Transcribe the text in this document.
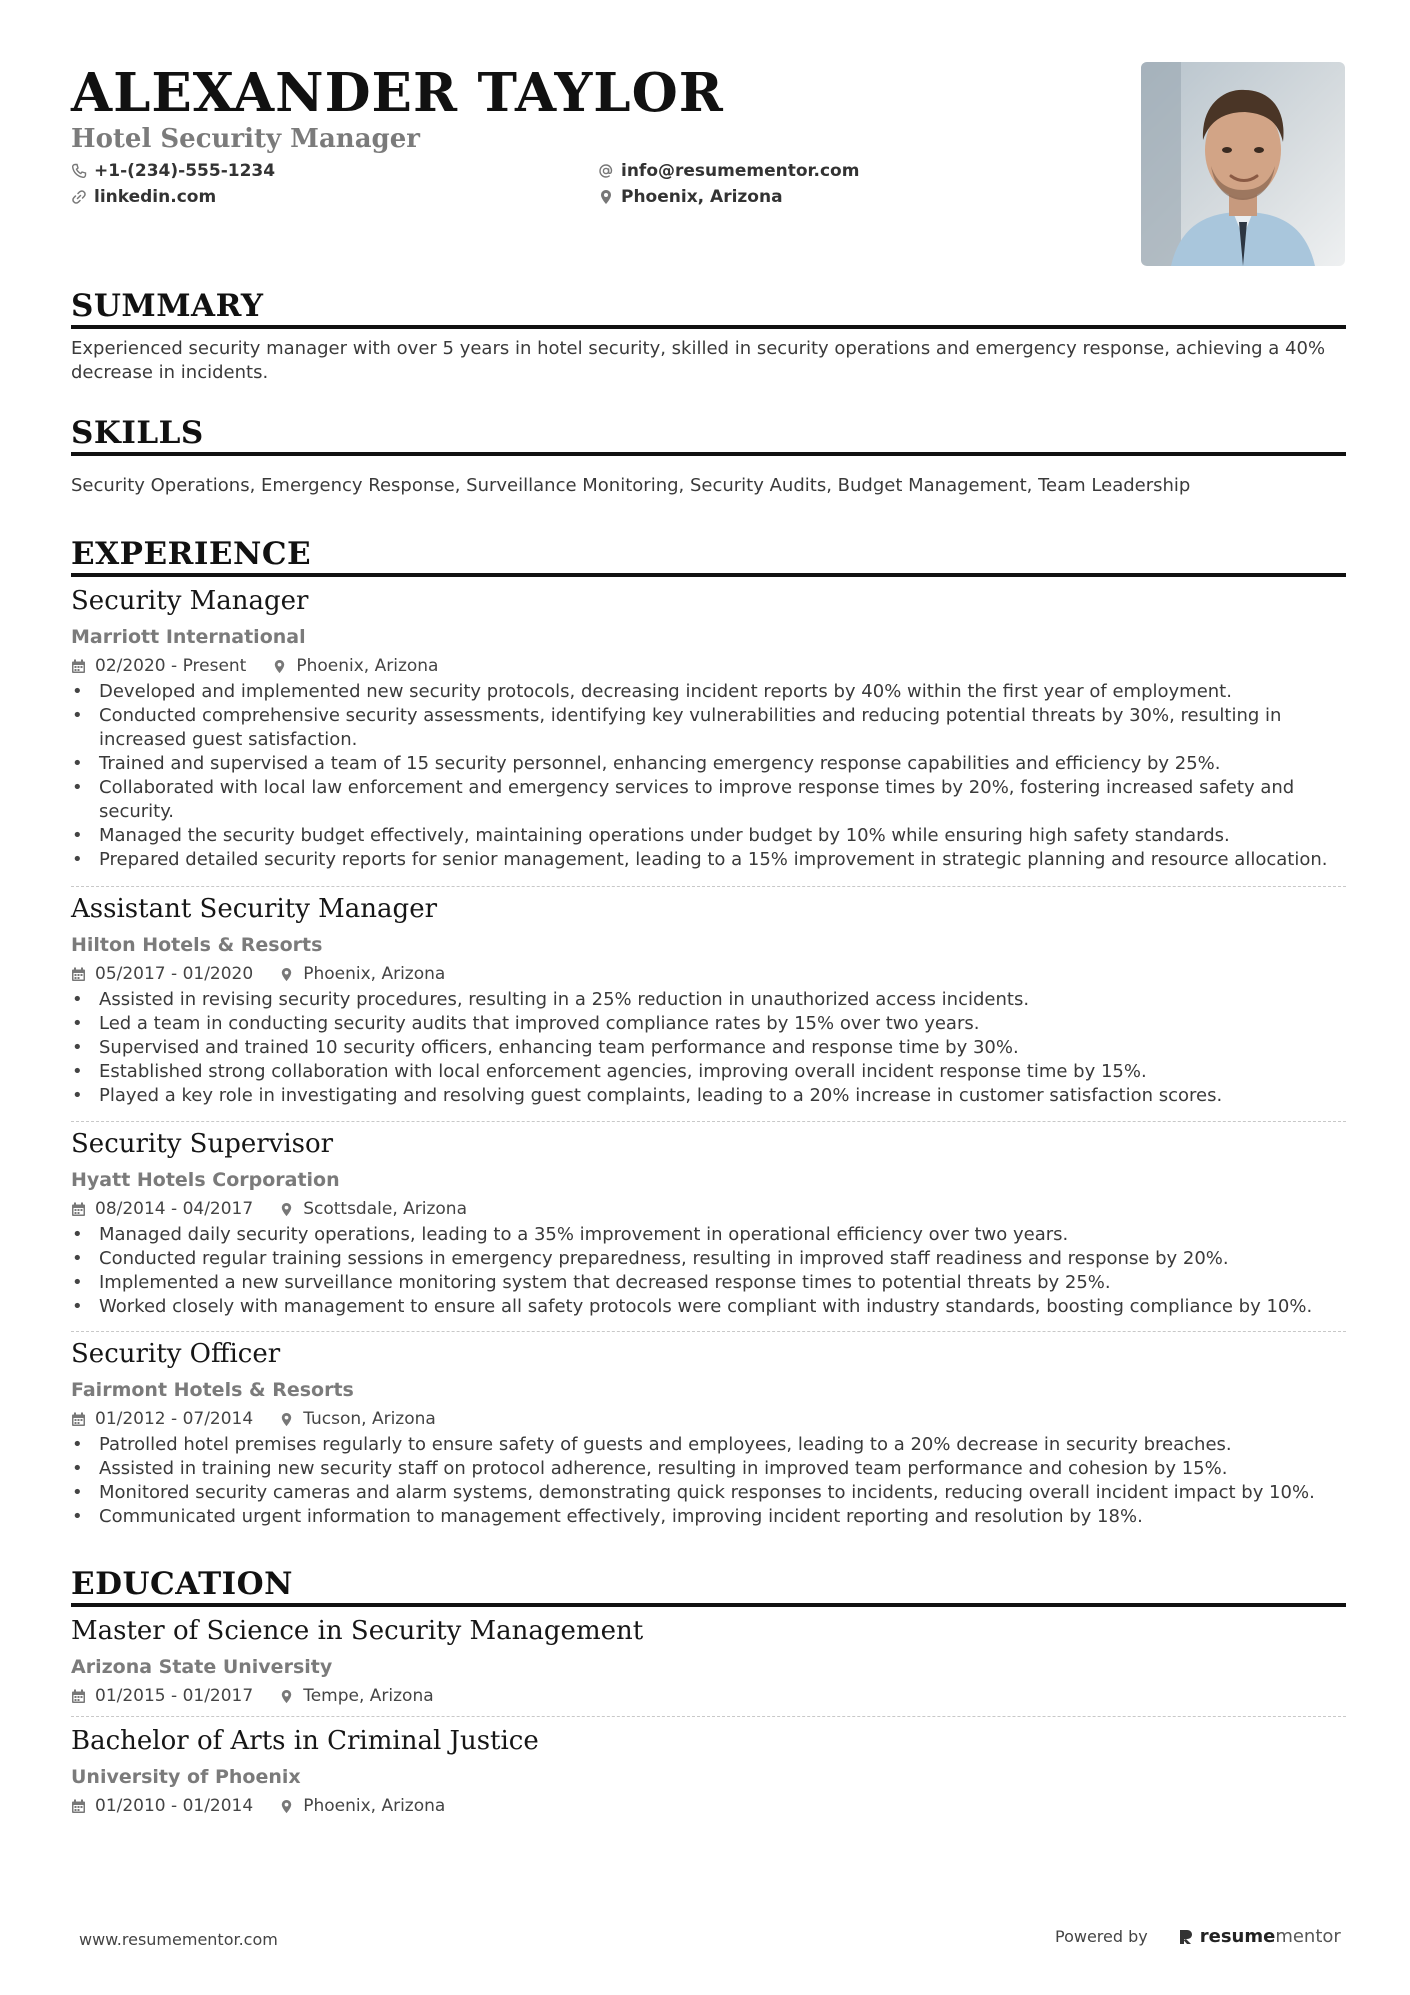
ALEXANDER TAYLOR
Hotel Security Manager
+1-(234)-555-1234
linkedin.com
info@resumementor.com
Phoenix, Arizona
SUMMARY

Experienced security manager with over 5 years in hotel security, skilled in security operations and emergency response, achieving a 40% decrease in incidents.

SKILLS

Security Operations, Emergency Response, Surveillance Monitoring, Security Audits, Budget Management, Team Leadership

EXPERIENCE
Security Manager
Marriott International
02/2020 - Present	Phoenix, Arizona
• Developed and implemented new security protocols, decreasing incident reports by 40% within the first year of employment.
• Conducted comprehensive security assessments, identifying key vulnerabilities and reducing potential threats by 30%, resulting in increased guest satisfaction.
• Trained and supervised a team of 15 security personnel, enhancing emergency response capabilities and efficiency by 25%.
• Collaborated with local law enforcement and emergency services to improve response times by 20%, fostering increased safety and security.
• Managed the security budget effectively, maintaining operations under budget by 10% while ensuring high safety standards.
• Prepared detailed security reports for senior management, leading to a 15% improvement in strategic planning and resource allocation.
Assistant Security Manager
Hilton Hotels & Resorts
05/2017 - 01/2020	Phoenix, Arizona
• Assisted in revising security procedures, resulting in a 25% reduction in unauthorized access incidents.
• Led a team in conducting security audits that improved compliance rates by 15% over two years.
• Supervised and trained 10 security officers, enhancing team performance and response time by 30%.
• Established strong collaboration with local enforcement agencies, improving overall incident response time by 15%.
• Played a key role in investigating and resolving guest complaints, leading to a 20% increase in customer satisfaction scores.
Security Supervisor
Hyatt Hotels Corporation
08/2014 - 04/2017	Scottsdale, Arizona
• Managed daily security operations, leading to a 35% improvement in operational efficiency over two years.
• Conducted regular training sessions in emergency preparedness, resulting in improved staff readiness and response by 20%.
• Implemented a new surveillance monitoring system that decreased response times to potential threats by 25%.
• Worked closely with management to ensure all safety protocols were compliant with industry standards, boosting compliance by 10%.
Security Officer
Fairmont Hotels & Resorts
01/2012 - 07/2014	Tucson, Arizona
• Patrolled hotel premises regularly to ensure safety of guests and employees, leading to a 20% decrease in security breaches.
• Assisted in training new security staff on protocol adherence, resulting in improved team performance and cohesion by 15%.
• Monitored security cameras and alarm systems, demonstrating quick responses to incidents, reducing overall incident impact by 10%.
• Communicated urgent information to management effectively, improving incident reporting and resolution by 18%.
EDUCATION
Master of Science in Security Management
Arizona State University
01/2015 - 01/2017	Tempe, Arizona
Bachelor of Arts in Criminal Justice
University of Phoenix
01/2010 - 01/2014	Phoenix, Arizona
www.resumementor.com	Powered by	resume mentor
